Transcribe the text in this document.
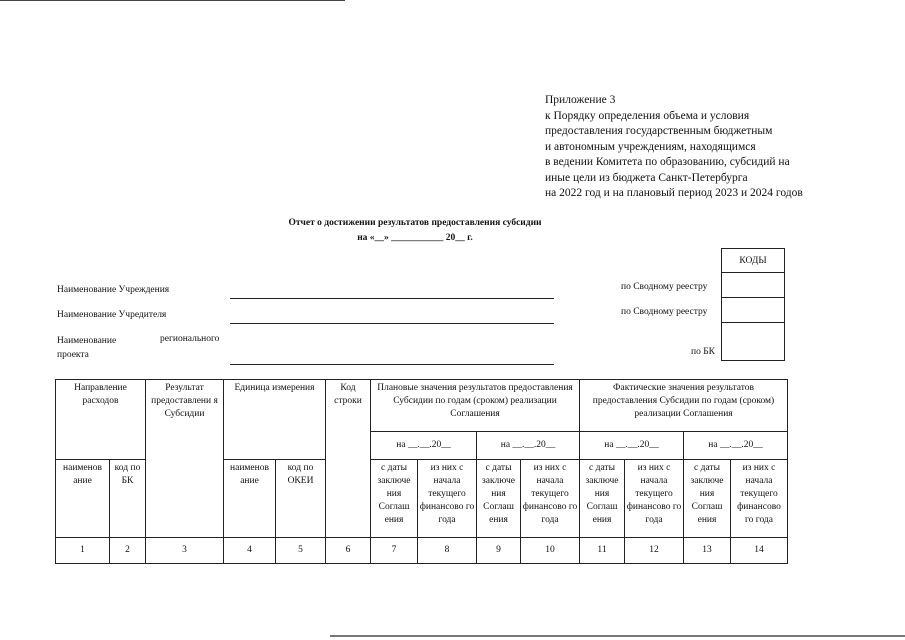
Приложение 3
к Порядку определения объема и условия
предоставления государственным бюджетным
и автономным учреждениям, находящимся
в ведении Комитета по образованию, субсидий на
иные цели из бюджета Санкт-Петербурга
на 2022 год и на плановый период 2023 и 2024 годов
Отчет о достижении результатов предоставления субсидии
на «__» ___________ 20__ г.
Наименование Учреждения
Наименование Учредителя
Наименование	регионального
проекта
по Сводному реестру
по Сводному реестру
по БК
КОДЫ

Направление расходов		Результат предоставлени я Субсидии	Единица измерения		Код строки	Плановые значения результатов предоставления Субсидии по годам (сроком) реализации Соглашения				Фактические значения результатов предоставления Субсидии по годам (сроком) реализации Соглашения			
						на __.__.20__		на __.__.20__		на __.__.20__		на __.__.20__	
наименов ание	код по БК		наименов ание	код по ОКЕИ		с даты заключе ния Соглаш ения	из них с начала текущего финансово го года	с даты заключе ния Соглаш ения	из них с начала текущего финансово го года	с даты заключе ния Соглаш ения	из них с начала текущего финансово го года	с даты заключе ния Соглаш ения	из них с начала текущего финансово го года
1	2	3	4	5	6	7	8	9	10	11	12	13	14
